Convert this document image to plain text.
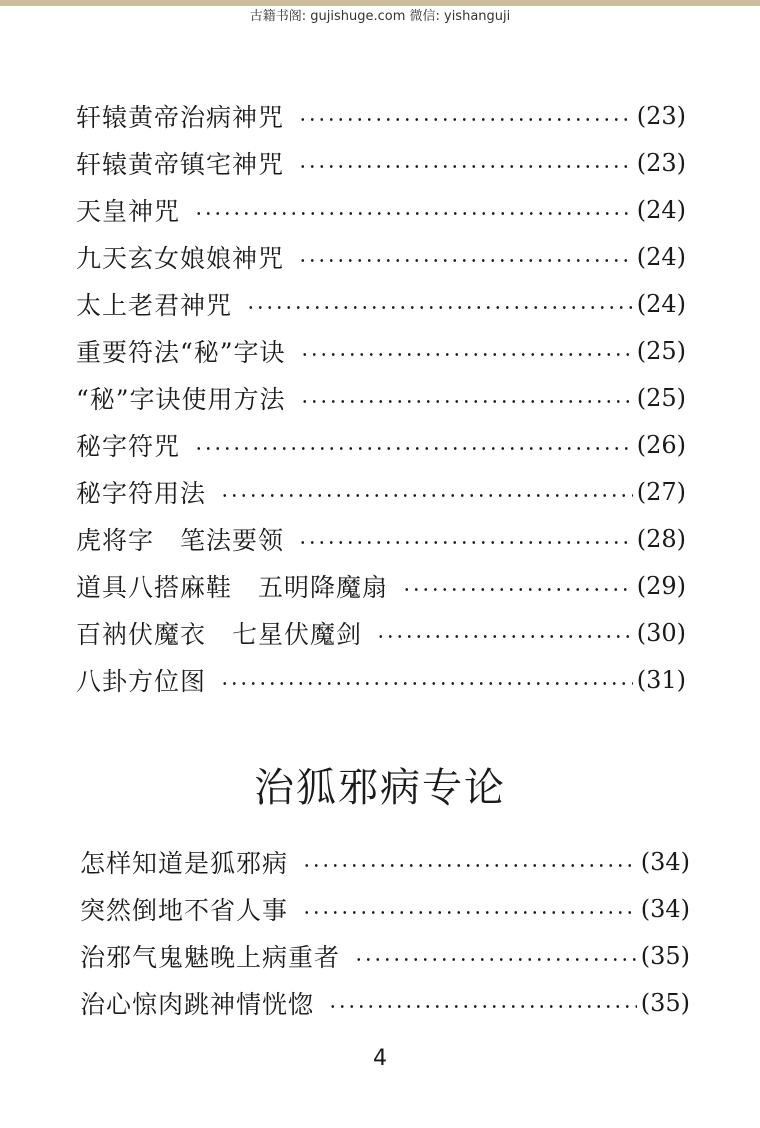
古籍书阁: gujishuge.com 微信: yishanguji
轩辕黄帝治病神咒	(23)
轩辕黄帝镇宅神咒	(23)
天皇神咒	(24)
九天玄女娘娘神咒	(24)
太上老君神咒	(24)
重要符法“秘”字诀	(25)
“秘”字诀使用方法	(25)
秘字符咒	(26)
秘字符用法	(27)
虎将字　笔法要领	(28)
道具八搭麻鞋　五明降魔扇	(29)
百衲伏魔衣　七星伏魔剑	(30)
八卦方位图	(31)
治狐邪病专论
怎样知道是狐邪病	(34)
突然倒地不省人事	(34)
治邪气鬼魅晚上病重者	(35)
治心惊肉跳神情恍惚	(35)
4
